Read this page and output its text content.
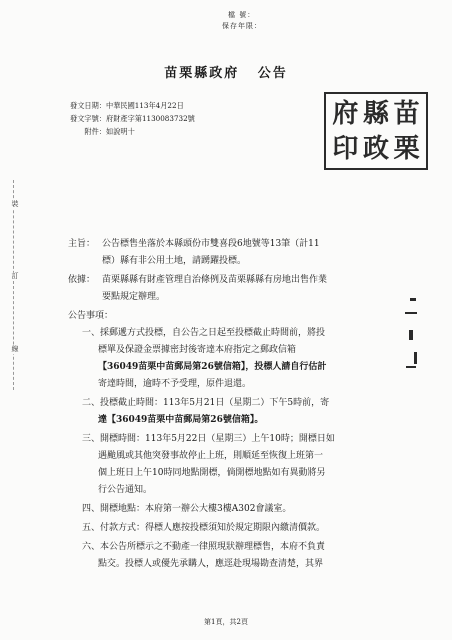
檔 號：
保存年限：
苗栗縣政府 公告
發文日期：中華民國113年4月22日
發文字號：府財產字第1130083732號
附件：如說明十
苗
縣
府
栗
政
印
裝
訂
線
主旨： 公告標售坐落於本縣頭份市雙喜段6地號等13筆（計11
標）縣有非公用土地，請踴躍投標。
依據： 苗栗縣縣有財產管理自治條例及苗栗縣縣有房地出售作業
要點規定辦理。
公告事項：
一、採郵遞方式投標，自公告之日起至投標截止時間前，將投
標單及保證金票據密封後寄達本府指定之郵政信箱
【36049苗栗中苗郵局第26號信箱】，投標人請自行估計
寄達時間，逾時不予受理，原件退還。
二、投標截止時間：113年5月21日（星期二）下午5時前，寄
達【36049苗栗中苗郵局第26號信箱】。
三、開標時間：113年5月22日（星期三）上午10時；開標日如
遇颱風或其他突發事故停止上班，則順延至恢復上班第一
個上班日上午10時同地點開標，倘開標地點如有異動將另
行公告通知。
四、開標地點：本府第一辦公大樓3樓A302會議室。
五、付款方式：得標人應按投標須知於規定期限內繳清價款。
六、本公告所標示之不動產一律照現狀辦理標售，本府不負責
點交。投標人或優先承購人，應逕赴現場勘查清楚，其界
第1頁，共2頁
